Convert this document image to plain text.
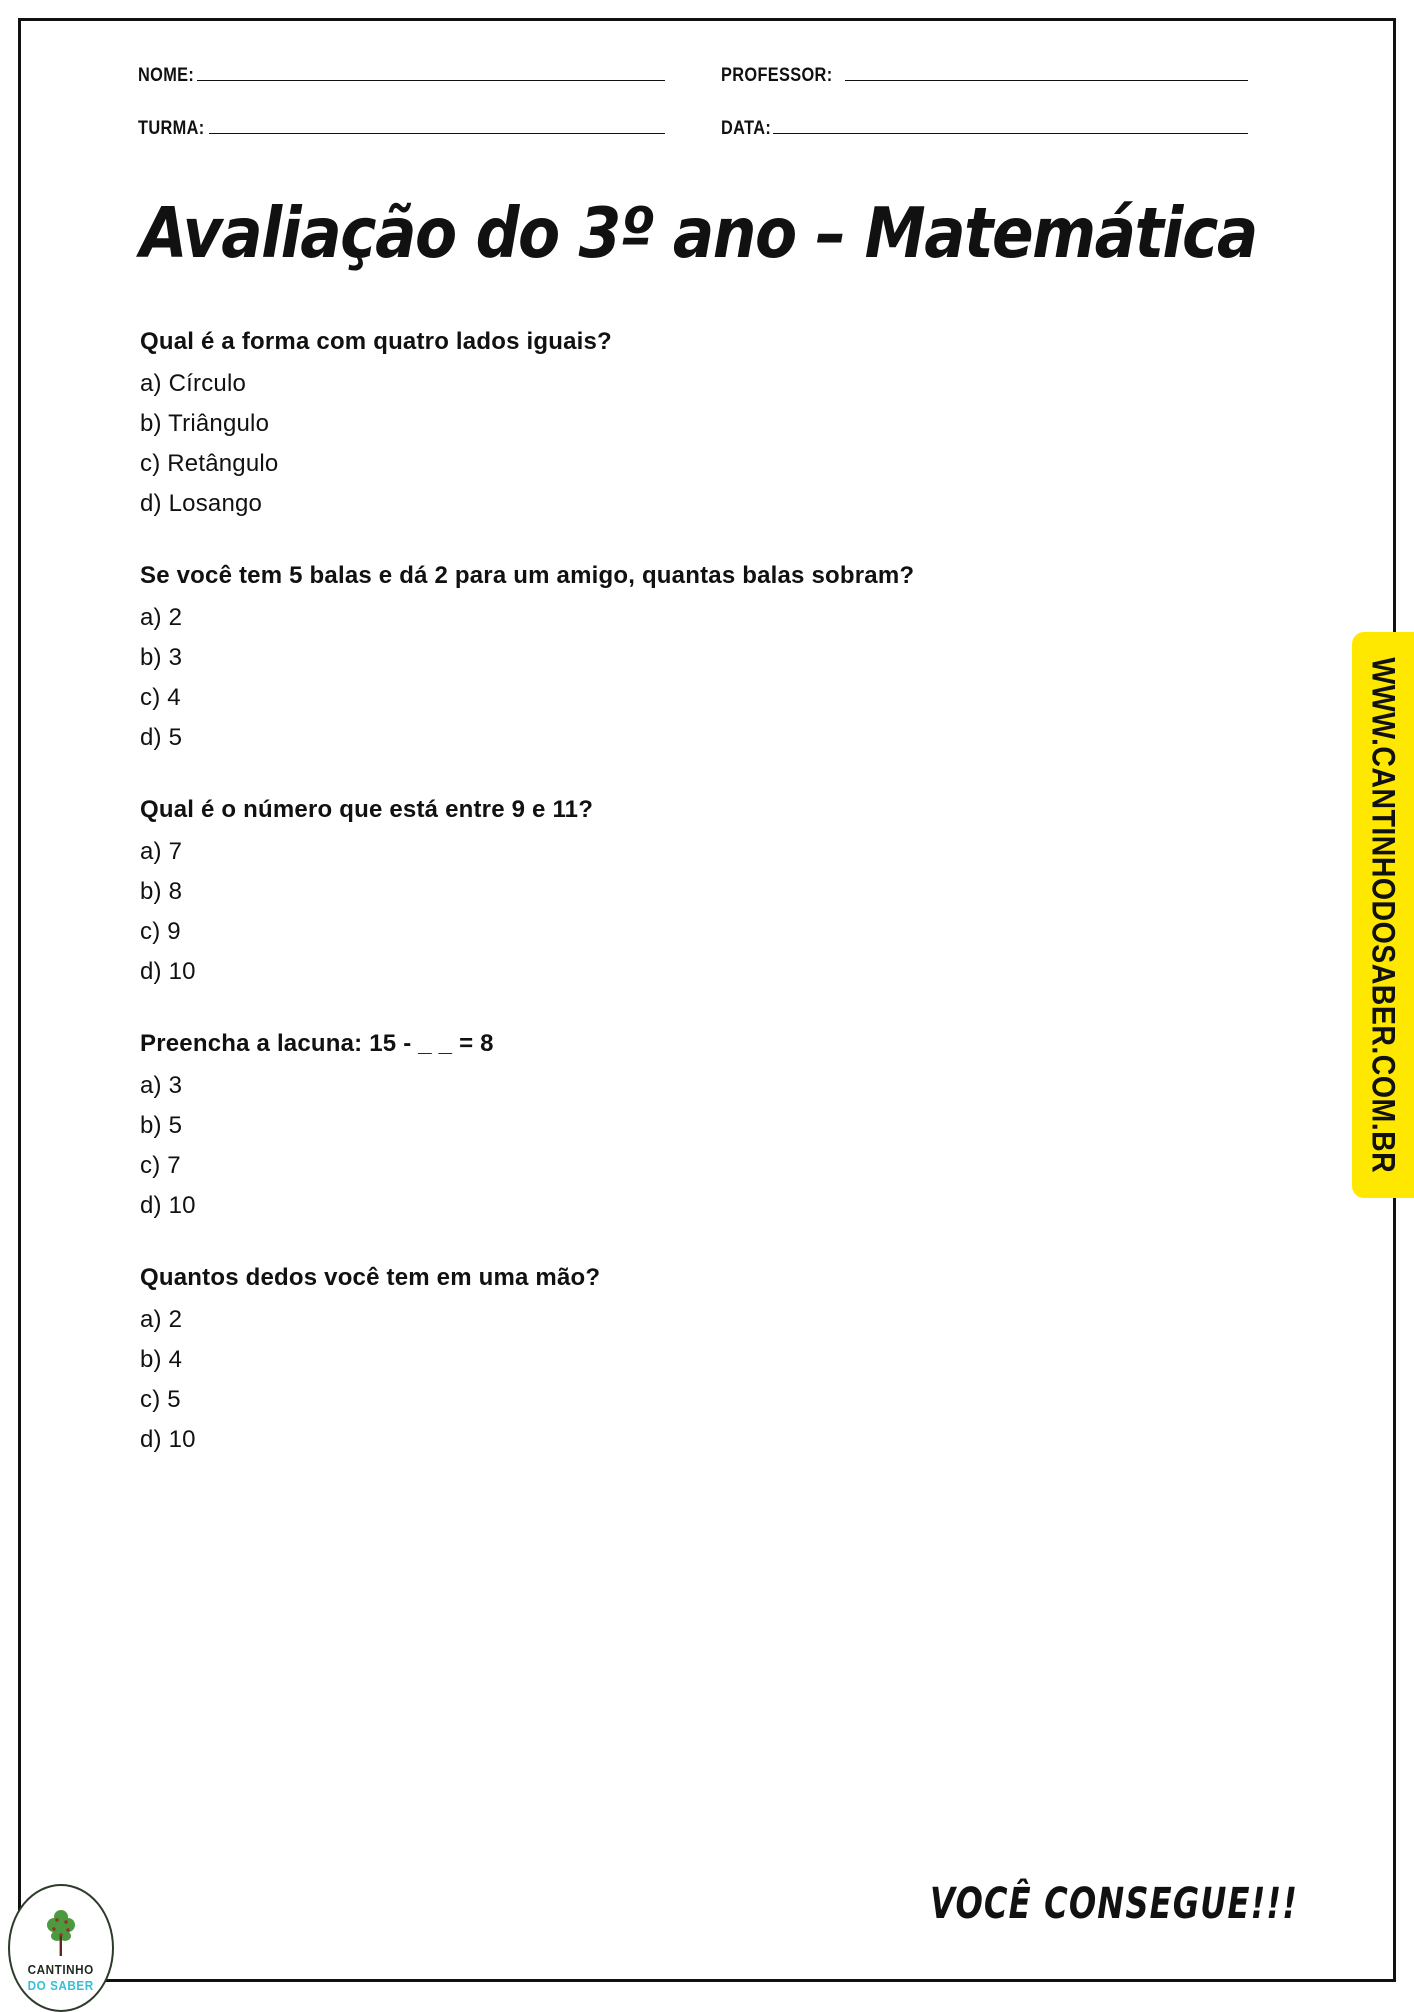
NOME:	PROFESSOR:
TURMA:	DATA:
Avaliação do 3º ano – Matemática
Qual é a forma com quatro lados iguais?
a) Círculo
b) Triângulo
c) Retângulo
d) Losango
Se você tem 5 balas e dá 2 para um amigo, quantas balas sobram?
a) 2
b) 3
c) 4
d) 5
Qual é o número que está entre 9 e 11?
a) 7
b) 8
c) 9
d) 10
Preencha a lacuna: 15 - _ _ = 8
a) 3
b) 5
c) 7
d) 10
Quantos dedos você tem em uma mão?
a) 2
b) 4
c) 5
d) 10
WWW.CANTINHODOSABER.COM.BR
VOCÊ CONSEGUE!!!
CANTINHO
DO SABER
